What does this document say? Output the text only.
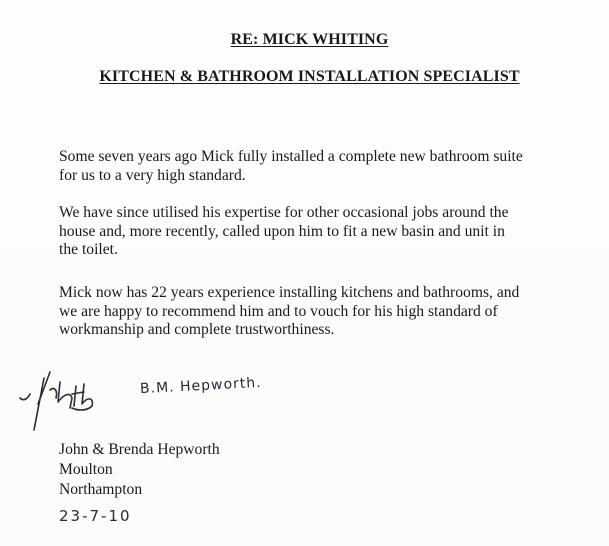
RE: MICK WHITING
KITCHEN & BATHROOM INSTALLATION SPECIALIST

Some seven years ago Mick fully installed a complete new bathroom suite
for us to a very high standard.

We have since utilised his expertise for other occasional jobs around the
house and, more recently, called upon him to fit a new basin and unit in
the toilet.

Mick now has 22 years experience installing kitchens and bathrooms, and
we are happy to recommend him and to vouch for his high standard of
workmanship and complete trustworthiness.

B.M. Hepworth.
John & Brenda Hepworth
Moulton
Northampton
23-7-10
